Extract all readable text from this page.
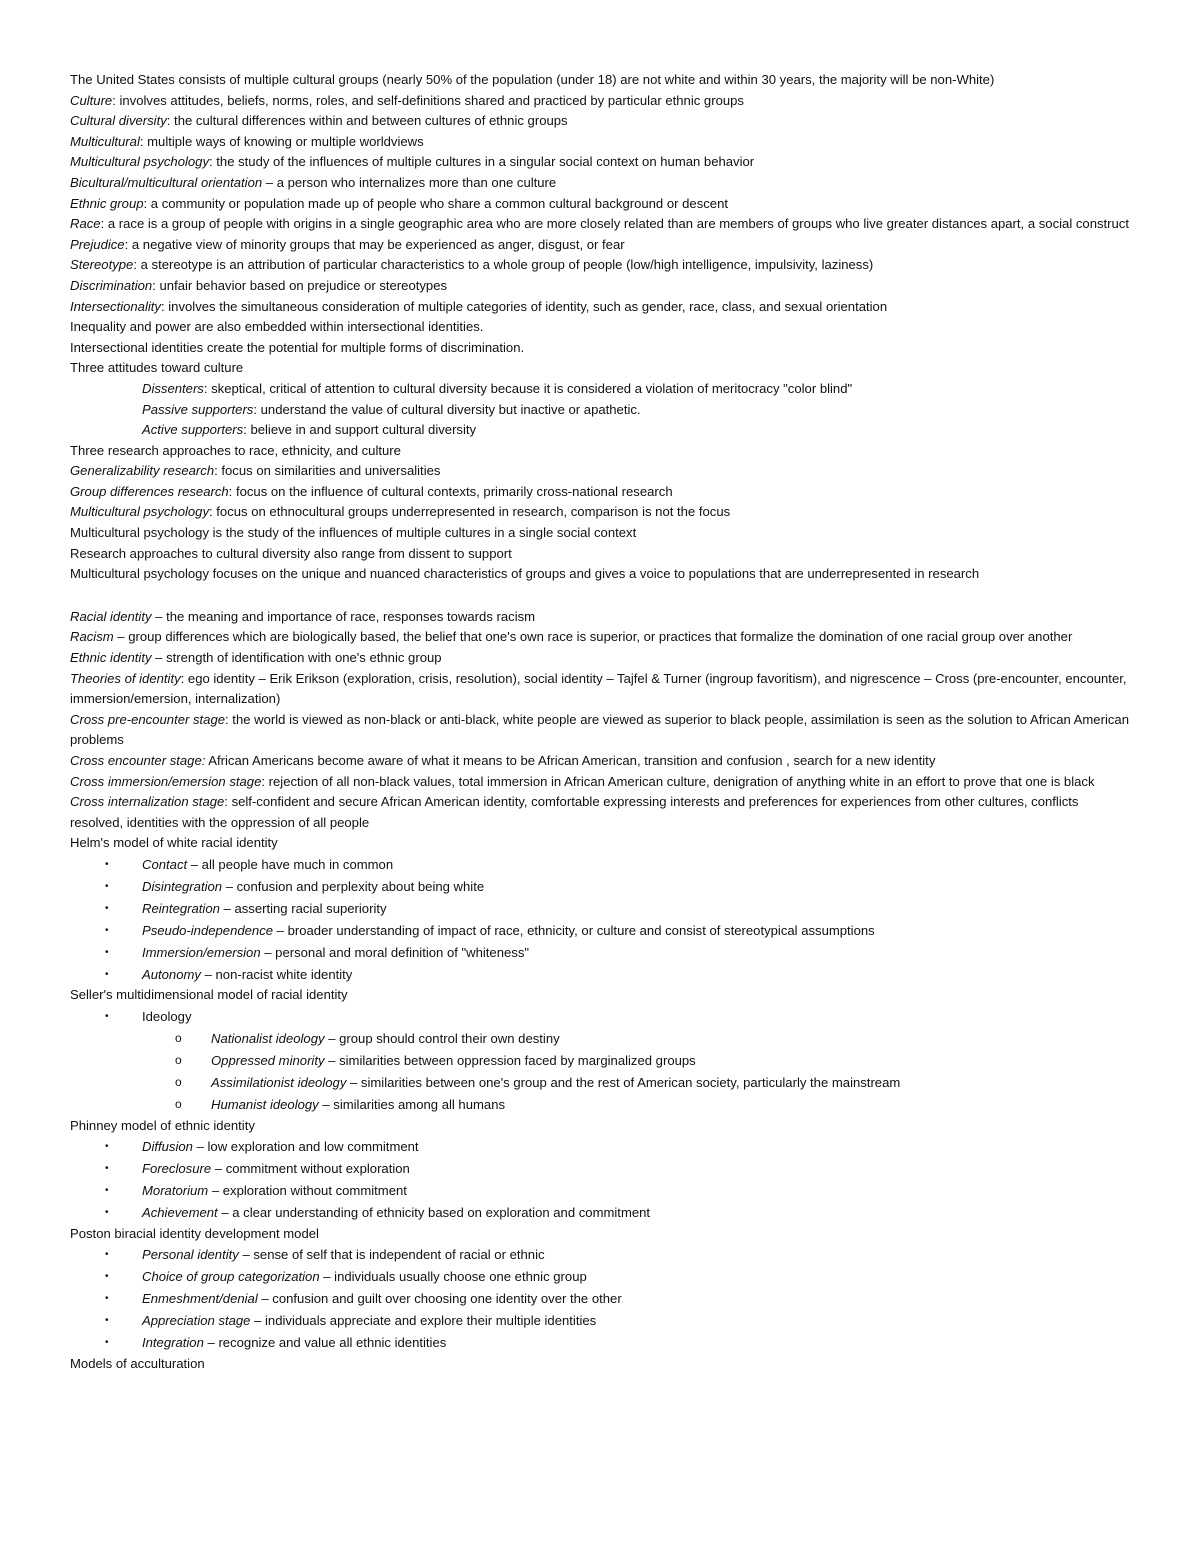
The United States consists of multiple cultural groups (nearly 50% of the population (under 18) are not white and within 30 years, the majority will be non-White)

Culture: involves attitudes, beliefs, norms, roles, and self-definitions shared and practiced by particular ethnic groups

Cultural diversity: the cultural differences within and between cultures of ethnic groups

Multicultural: multiple ways of knowing or multiple worldviews

Multicultural psychology: the study of the influences of multiple cultures in a singular social context on human behavior

Bicultural/multicultural orientation – a person who internalizes more than one culture

Ethnic group: a community or population made up of people who share a common cultural background or descent

Race: a race is a group of people with origins in a single geographic area who are more closely related than are members of groups who live greater distances apart, a social construct

Prejudice: a negative view of minority groups that may be experienced as anger, disgust, or fear

Stereotype: a stereotype is an attribution of particular characteristics to a whole group of people (low/high intelligence, impulsivity, laziness)

Discrimination: unfair behavior based on prejudice or stereotypes

Intersectionality: involves the simultaneous consideration of multiple categories of identity, such as gender, race, class, and sexual orientation

Inequality and power are also embedded within intersectional identities.

Intersectional identities create the potential for multiple forms of discrimination.

Three attitudes toward culture

Dissenters: skeptical, critical of attention to cultural diversity because it is considered a violation of meritocracy "color blind"

Passive supporters: understand the value of cultural diversity but inactive or apathetic.

Active supporters: believe in and support cultural diversity

Three research approaches to race, ethnicity, and culture

Generalizability research: focus on similarities and universalities

Group differences research: focus on the influence of cultural contexts, primarily cross-national research

Multicultural psychology: focus on ethnocultural groups underrepresented in research, comparison is not the focus

Multicultural psychology is the study of the influences of multiple cultures in a single social context

Research approaches to cultural diversity also range from dissent to support

Multicultural psychology focuses on the unique and nuanced characteristics of groups and gives a voice to populations that are underrepresented in research

Racial identity – the meaning and importance of race, responses towards racism

Racism – group differences which are biologically based, the belief that one's own race is superior, or practices that formalize the domination of one racial group over another

Ethnic identity – strength of identification with one's ethnic group

Theories of identity: ego identity – Erik Erikson (exploration, crisis, resolution), social identity – Tajfel & Turner (ingroup favoritism), and nigrescence – Cross (pre-encounter, encounter, immersion/emersion, internalization)

Cross pre-encounter stage: the world is viewed as non-black or anti-black, white people are viewed as superior to black people, assimilation is seen as the solution to African American problems

Cross encounter stage: African Americans become aware of what it means to be African American, transition and confusion , search for a new identity

Cross immersion/emersion stage: rejection of all non-black values, total immersion in African American culture, denigration of anything white in an effort to prove that one is black

Cross internalization stage: self-confident and secure African American identity, comfortable expressing interests and preferences for experiences from other cultures, conflicts resolved, identities with the oppression of all people

Helm's model of white racial identity

•	Contact – all people have much in common

•	Disintegration – confusion and perplexity about being white

•	Reintegration – asserting racial superiority

•	Pseudo-independence – broader understanding of impact of race, ethnicity, or culture and consist of stereotypical assumptions

•	Immersion/emersion – personal and moral definition of "whiteness"

•	Autonomy – non-racist white identity

Seller's multidimensional model of racial identity

•	Ideology

o Nationalist ideology – group should control their own destiny

o Oppressed minority – similarities between oppression faced by marginalized groups

o Assimilationist ideology – similarities between one's group and the rest of American society, particularly the mainstream

o Humanist ideology – similarities among all humans

Phinney model of ethnic identity

•	Diffusion – low exploration and low commitment

•	Foreclosure – commitment without exploration

•	Moratorium – exploration without commitment

•	Achievement – a clear understanding of ethnicity based on exploration and commitment

Poston biracial identity development model

•	Personal identity – sense of self that is independent of racial or ethnic

•	Choice of group categorization – individuals usually choose one ethnic group

•	Enmeshment/denial – confusion and guilt over choosing one identity over the other

•	Appreciation stage – individuals appreciate and explore their multiple identities

•	Integration – recognize and value all ethnic identities

Models of acculturation
